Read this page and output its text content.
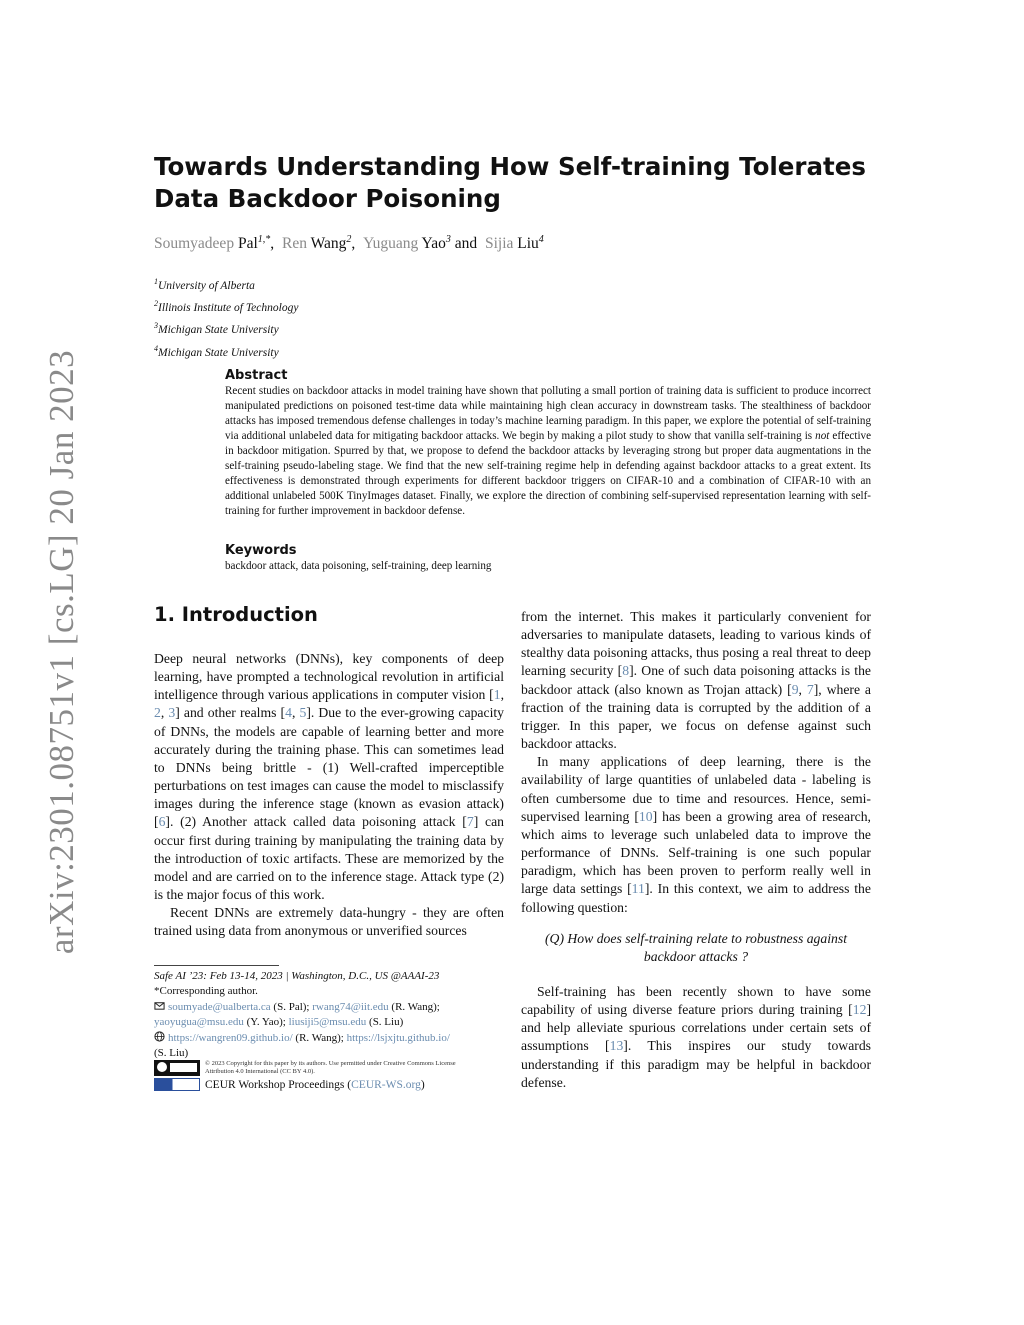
arXiv:2301.08751v1 [cs.LG] 20 Jan 2023
Towards Understanding How Self-training Tolerates Data Backdoor Poisoning
Soumyadeep Pal$^{1,*}$, Ren Wang$^2$, Yuguang Yao$^3$ and Sijia Liu$^4$
$^1$University of Alberta
$^2$Illinois Institute of Technology
$^3$Michigan State University
$^4$Michigan State University
Abstract

Recent studies on backdoor attacks in model training have shown that polluting a small portion of training data is sufficient to produce incorrect manipulated predictions on poisoned test-time data while maintaining high clean accuracy in downstream tasks. The stealthiness of backdoor attacks has imposed tremendous defense challenges in today’s machine learning paradigm. In this paper, we explore the potential of self-training via additional unlabeled data for mitigating backdoor attacks. We begin by making a pilot study to show that vanilla self-training is not effective in backdoor mitigation. Spurred by that, we propose to defend the backdoor attacks by leveraging strong but proper data augmentations in the self-training pseudo-labeling stage. We find that the new self-training regime help in defending against backdoor attacks to a great extent. Its effectiveness is demonstrated through experiments for different backdoor triggers on CIFAR-10 and a combination of CIFAR-10 with an additional unlabeled 500K TinyImages dataset. Finally, we explore the direction of combining self-supervised representation learning with self-training for further improvement in backdoor defense.

Keywords

backdoor attack, data poisoning, self-training, deep learning

1. Introduction

Deep neural networks (DNNs), key components of deep learning, have prompted a technological revolution in artificial intelligence through various applications in computer vision [1, 2, 3] and other realms [4, 5]. Due to the ever-growing capacity of DNNs, the models are capable of learning better and more accurately during the training phase. This can sometimes lead to DNNs being brittle - (1) Well-crafted imperceptible perturbations on test images can cause the model to misclassify images during the inference stage (known as evasion attack) [6]. (2) Another attack called data poisoning attack [7] can occur first during training by manipulating the training data by the introduction of toxic artifacts. These are memorized by the model and are carried on to the inference stage. Attack type (2) is the major focus of this work.

Recent DNNs are extremely data-hungry - they are often trained using data from anonymous or unverified sources

from the internet. This makes it particularly convenient for adversaries to manipulate datasets, leading to various kinds of stealthy data poisoning attacks, thus posing a real threat to deep learning security [8]. One of such data poisoning attacks is the backdoor attack (also known as Trojan attack) [9, 7], where a fraction of the training data is corrupted by the addition of a trigger. In this paper, we focus on defense against such backdoor attacks.

In many applications of deep learning, there is the availability of large quantities of unlabeled data - labeling is often cumbersome due to time and resources. Hence, semi-supervised learning [10] has been a growing area of research, which aims to leverage such unlabeled data to improve the performance of DNNs. Self-training is one such popular paradigm, which has been proven to perform really well in large data settings [11]. In this context, we aim to address the following question:

(Q) How does self-training relate to robustness against backdoor attacks ?

Self-training has been recently shown to have some capability of using diverse feature priors during training [12] and help alleviate spurious correlations under certain sets of assumptions [13]. This inspires our study towards understanding if this paradigm may be helpful in backdoor defense.

Safe AI ’23: Feb 13-14, 2023 | Washington, D.C., US @AAAI-23

*Corresponding author.

soumyade@ualberta.ca (S. Pal); rwang74@iit.edu (R. Wang);

yaoyugua@msu.edu (Y. Yao); liusiji5@msu.edu (S. Liu)

https://wangren09.github.io/ (R. Wang); https://lsjxjtu.github.io/

(S. Liu)

© 2023 Copyright for this paper by its authors. Use permitted under Creative Commons License
Attribution 4.0 International (CC BY 4.0).
CEUR Workshop Proceedings (CEUR-WS.org)
